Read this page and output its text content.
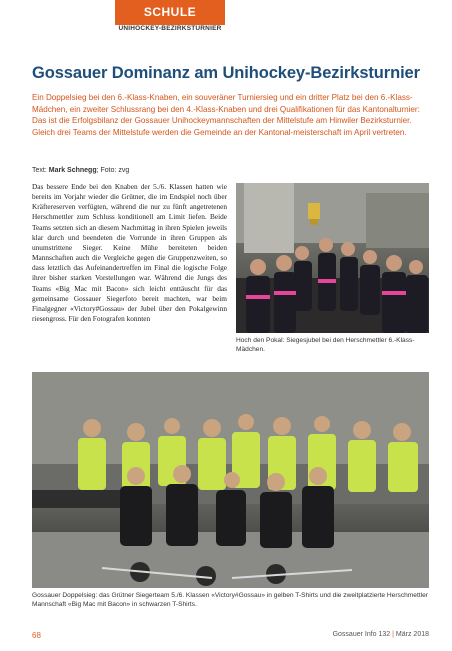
SCHULE
UNIHOCKEY-BEZIRKSTURNIER
Gossauer Dominanz am Unihockey-Bezirksturnier
Ein Doppelsieg bei den 6.-Klass-Knaben, ein souveräner Turniersieg und ein dritter Platz bei den 6.-Klass-Mädchen, ein zweiter Schlussrang bei den 4.-Klass-Knaben und drei Qualifikationen für das Kantonalturnier: Das ist die Erfolgsbilanz der Gossauer Unihockeymannschaften der Mittelstufe am Hinwiler Bezirksturnier. Gleich drei Teams der Mittelstufe werden die Gemeinde an der Kantonal-meisterschaft im April vertreten.
Text: Mark Schnegg; Foto: zvg
Das bessere Ende bei den Knaben der 5./6. Klassen hatten wie bereits im Vorjahr wieder die Grütner, die im Endspiel noch über Kräftereserven verfügten, während die nur zu fünft angetretenen Herschmettler zum Schluss konditionell am Limit liefen. Beide Teams setzten sich an diesem Nachmittag in ihren Spielen jeweils klar durch und beendeten die Vorrunde in ihren Gruppen als unumstrittene Sieger. Keine Mühe bereiteten beiden Mannschaften auch die Vergleiche gegen die Gruppenzweiten, so dass letztlich das Aufeinandertreffen im Final die logische Folge ihrer bisher starken Vorstellungen war. Während die Jungs des Teams «Big Mac mit Bacon» sich leicht enttäuscht für das gemeinsame Gossauer Siegerfoto bereit machten, war beim Finalgegner «Victory#Gossau» der Jubel über den Pokalgewinn riesengross. Für den Fotografen konnten
Hoch den Pokal: Siegesjubel bei den Herschmettler 6.-Klass-Mädchen.
Gossauer Doppelsieg: das Grütner Siegerteam 5./6. Klassen «Victory#Gossau» in gelben T-Shirts und die zweitplatzierte Herschmettler Mannschaft «Big Mac mit Bacon» in schwarzen T-Shirts.
68	Gossauer Info 132 | März 2018
